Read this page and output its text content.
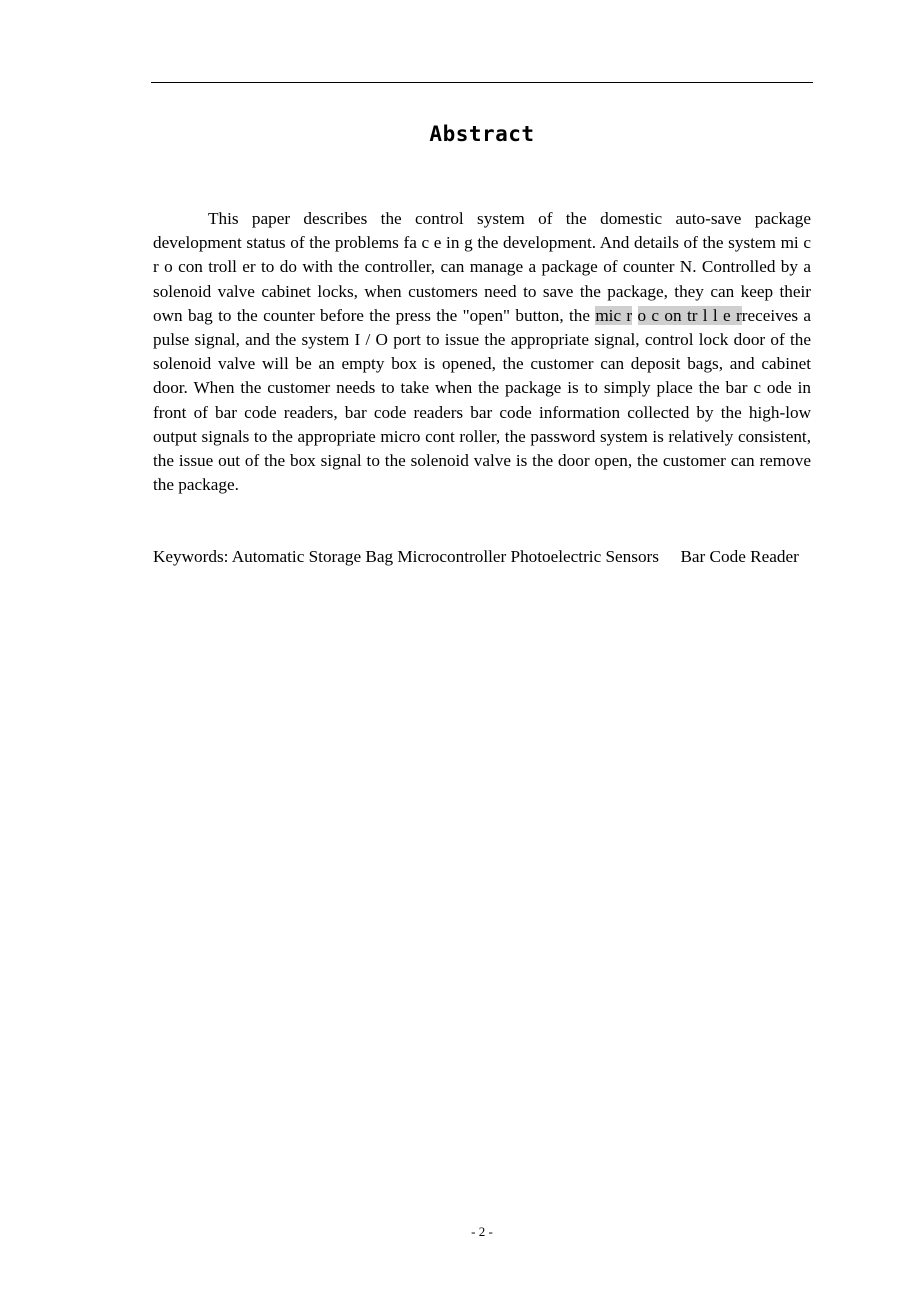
Abstract

This paper describes the control system of the domestic auto-save package development status of the problems fa c e in g the development. And details of the system mi c r o con troll er to do with the controller, can manage a package of counter N. Controlled by a solenoid valve cabinet locks, when customers need to save the package, they can keep their own bag to the counter before the press the "open" button, the mic r o c on tr l l e rreceives a pulse signal, and the system I / O port to issue the appropriate signal, control lock door of the solenoid valve will be an empty box is opened, the customer can deposit bags, and cabinet door. When the customer needs to take when the package is to simply place the bar c ode in front of bar code readers, bar code readers bar code information collected by the high-low output signals to the appropriate micro cont roller, the password system is relatively consistent, the issue out of the box signal to the solenoid valve is the door open, the customer can remove the package.

Keywords: Automatic Storage Bag Microcontroller Photoelectric Sensors  Bar Code Reader

- 2 -
